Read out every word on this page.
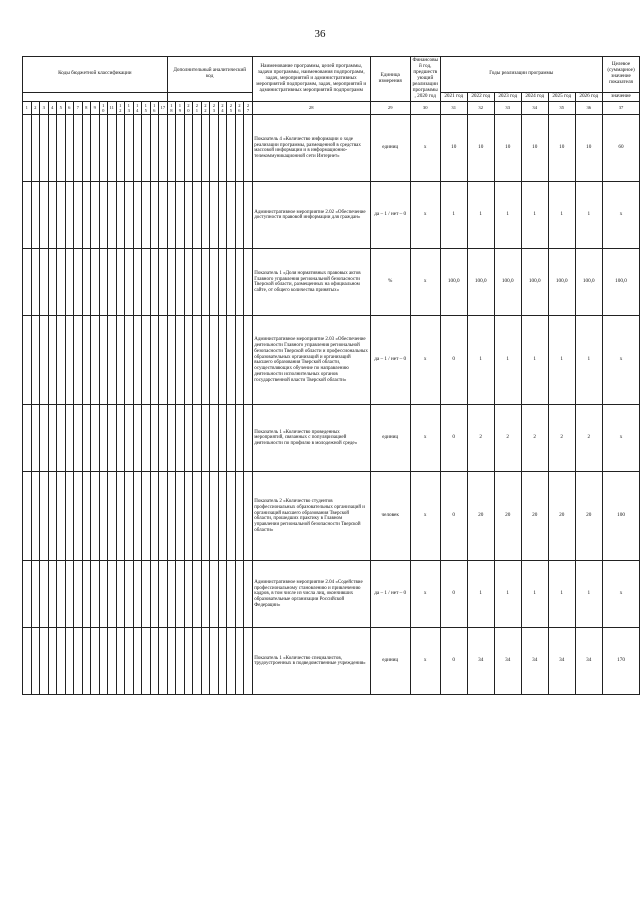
36
Коды бюджетной классификации																	Дополнительный аналитический код										Наименование программы, целей программы, задачи программы, наименования подпрограмм, задач, мероприятий и административных мероприятий подпрограмм, задач, мероприятий и административных мероприятий подпрограмм	Единица измерения	Финансовый год, предшествующий реализации программы, 2020 год	Годы реализации программы						Целевое (суммарное) значение показателя
																														2021 год	2022 год	2023 год	2024 год	2025 год	2026 год	значение
1	2	3	4	5	6	7	8	9	10	11	12	13	14	15	16	17	18	19	20	21	22	23	24	25	26	27	28	29	30	31	32	33	34	35	36	37
																											Показатель 4 «Количество информации о ходе реализации программы, размещенной в средствах массовой информации и в информационно-телекоммуникационной сети Интернет»	единиц	х	10	10	10	10	10	10	60
																											Административное мероприятие 2.02 «Обеспечение доступности правовой информации для граждан»	да – 1 / нет – 0	х	1	1	1	1	1	1	х
																											Показатель 1 «Доля нормативных правовых актов Главного управления региональной безопасности Тверской области, размещенных на официальном сайте, от общего количества принятых»	%	х	100,0	100,0	100,0	100,0	100,0	100,0	100,0
																											Административное мероприятие 2.03 «Обеспечение деятельности Главного управления региональной безопасности Тверской области и профессиональных образовательных организаций и организаций высшего образования Тверской области, осуществляющих обучение по направлению деятельности исполнительных органов государственной власти Тверской области»	да – 1 / нет – 0	х	0	1	1	1	1	1	х
																											Показатель 1 «Количество проведенных мероприятий, связанных с популяризацией деятельности по профилю в молодежной среде»	единиц	х	0	2	2	2	2	2	х
																											Показатель 2 «Количество студентов профессиональных образовательных организаций и организаций высшего образования Тверской области, прошедших практику в Главном управлении региональной безопасности Тверской области»	человек	х	0	20	20	20	20	20	100
																											Административное мероприятие 2.04 «Содействие профессиональному становлению и привлечению кадров, в том числе из числа лиц, окончивших образовательные организации Российской Федерации»	да – 1 / нет – 0	х	0	1	1	1	1	1	х
																											Показатель 1 «Количество специалистов, трудоустроенных в подведомственные учреждения»	единиц	х	0	34	34	34	34	34	170
